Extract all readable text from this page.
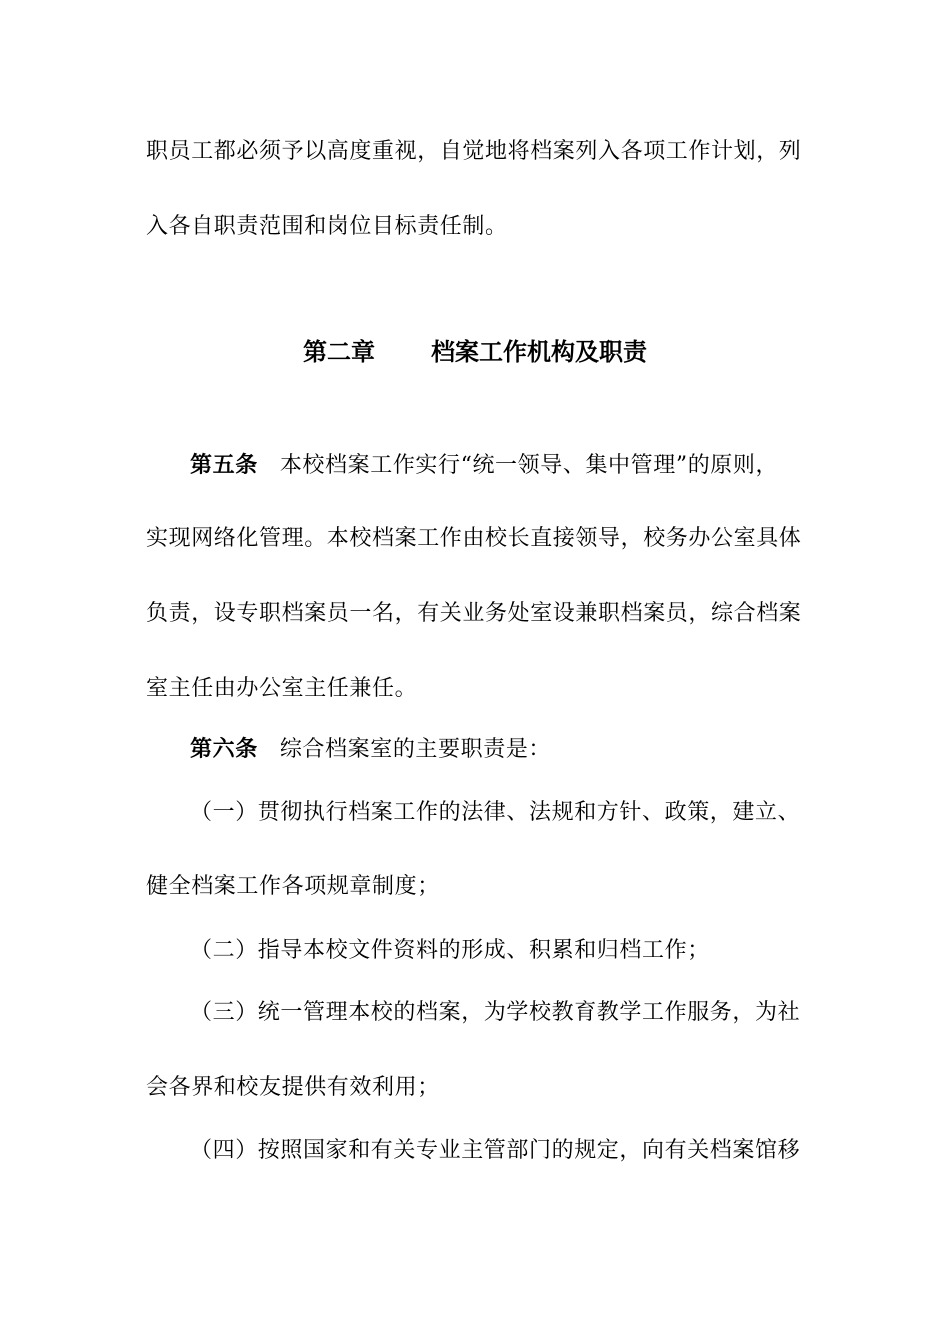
职员工都必须予以高度重视，自觉地将档案列入各项工作计划，列
入各自职责范围和岗位目标责任制。
第二章 档案工作机构及职责
第五条 本校档案工作实行“统一领导、集中管理”的原则，
实现网络化管理。本校档案工作由校长直接领导，校务办公室具体
负责，设专职档案员一名，有关业务处室设兼职档案员，综合档案
室主任由办公室主任兼任。
第六条 综合档案室的主要职责是：
（一）贯彻执行档案工作的法律、法规和方针、政策，建立、
健全档案工作各项规章制度；
（二）指导本校文件资料的形成、积累和归档工作；
（三）统一管理本校的档案，为学校教育教学工作服务，为社
会各界和校友提供有效利用；
（四）按照国家和有关专业主管部门的规定，向有关档案馆移
